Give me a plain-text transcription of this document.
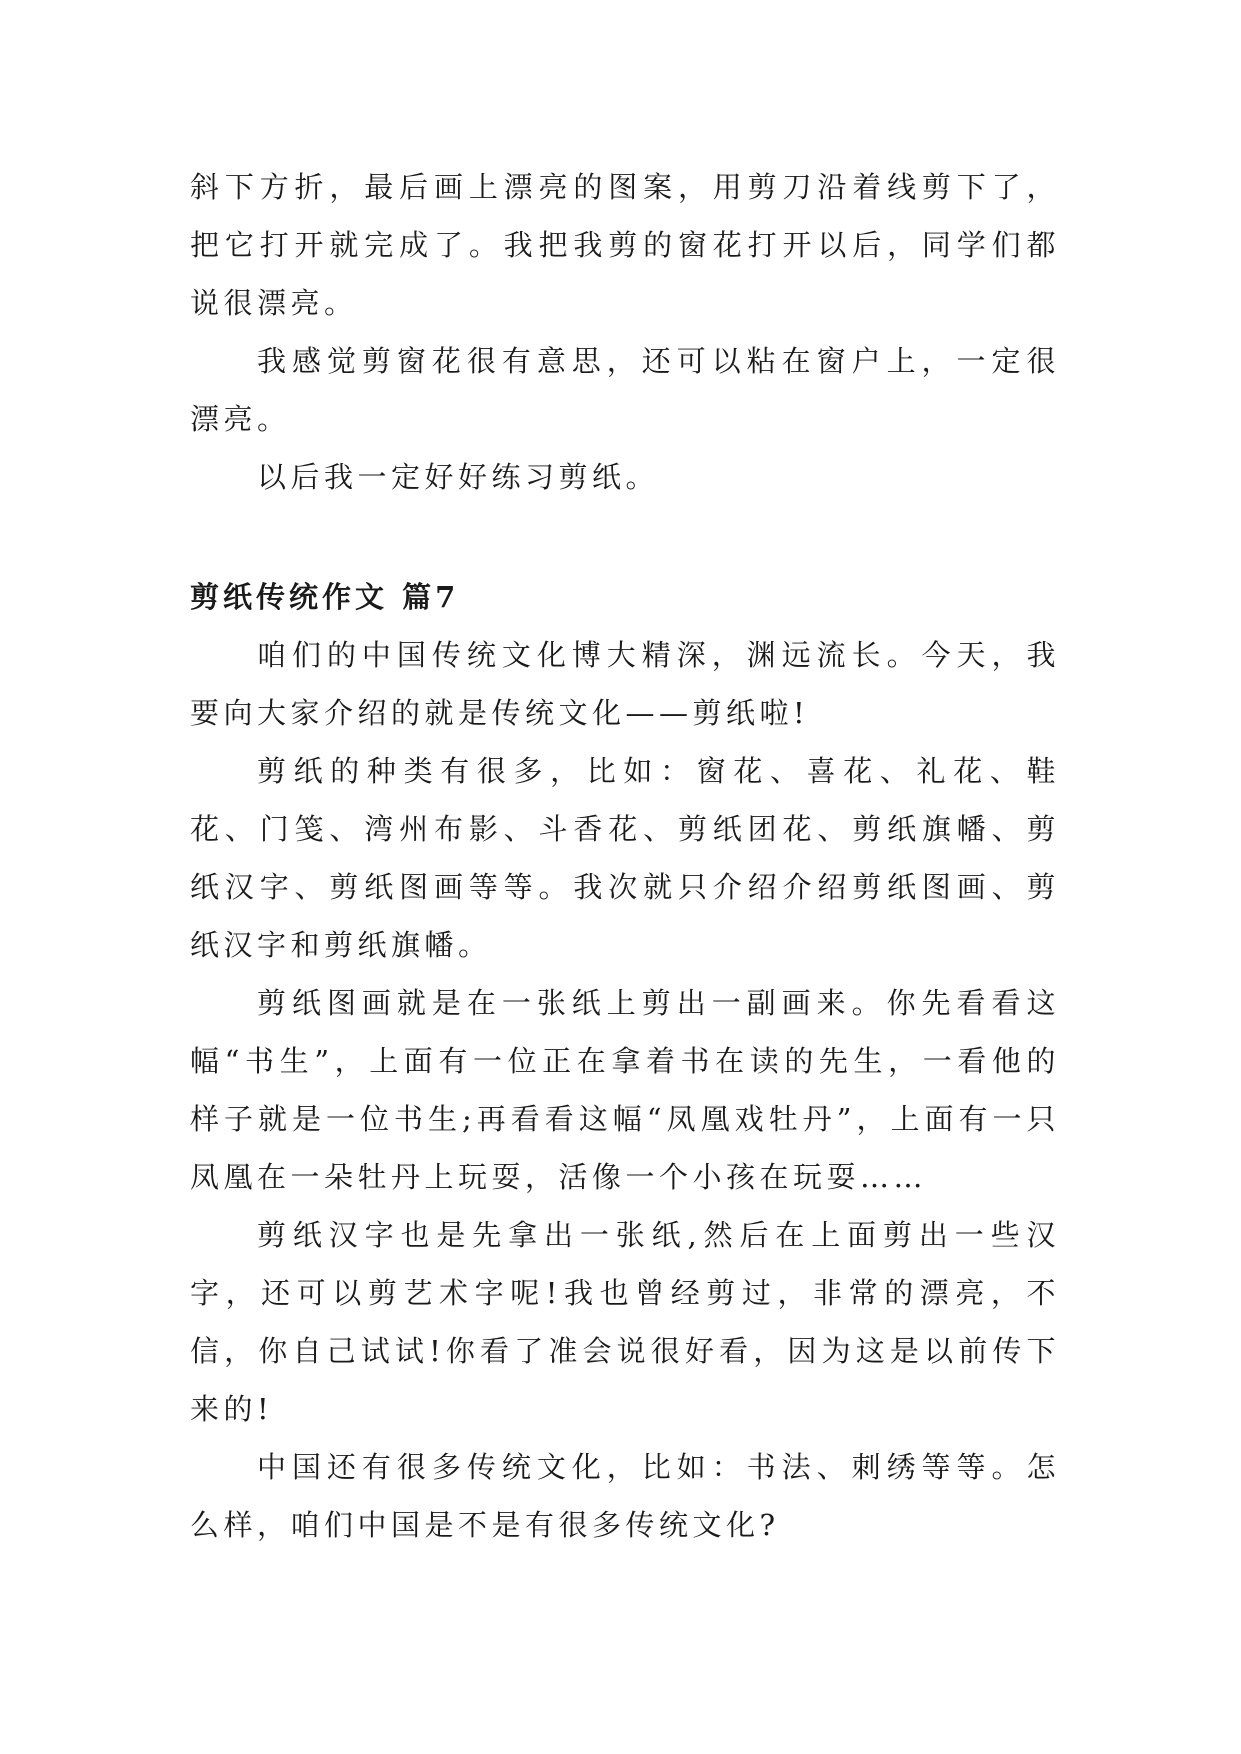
斜下方折，最后画上漂亮的图案，用剪刀沿着线剪下了，把它打开就完成了。我把我剪的窗花打开以后，同学们都说很漂亮。

我感觉剪窗花很有意思，还可以粘在窗户上，一定很漂亮。

以后我一定好好练习剪纸。

剪纸传统作文 篇7

咱们的中国传统文化博大精深，渊远流长。今天，我要向大家介绍的就是传统文化——剪纸啦!

剪纸的种类有很多，比如：窗花、喜花、礼花、鞋花、门笺、湾州布影、斗香花、剪纸团花、剪纸旗幡、剪纸汉字、剪纸图画等等。我次就只介绍介绍剪纸图画、剪纸汉字和剪纸旗幡。

剪纸图画就是在一张纸上剪出一副画来。你先看看这幅“书生”，上面有一位正在拿着书在读的先生，一看他的样子就是一位书生;再看看这幅“凤凰戏牡丹”，上面有一只凤凰在一朵牡丹上玩耍，活像一个小孩在玩耍……

剪纸汉字也是先拿出一张纸,然后在上面剪出一些汉字，还可以剪艺术字呢!我也曾经剪过，非常的漂亮，不信，你自己试试!你看了准会说很好看，因为这是以前传下来的!

中国还有很多传统文化，比如：书法、刺绣等等。怎么样，咱们中国是不是有很多传统文化?
